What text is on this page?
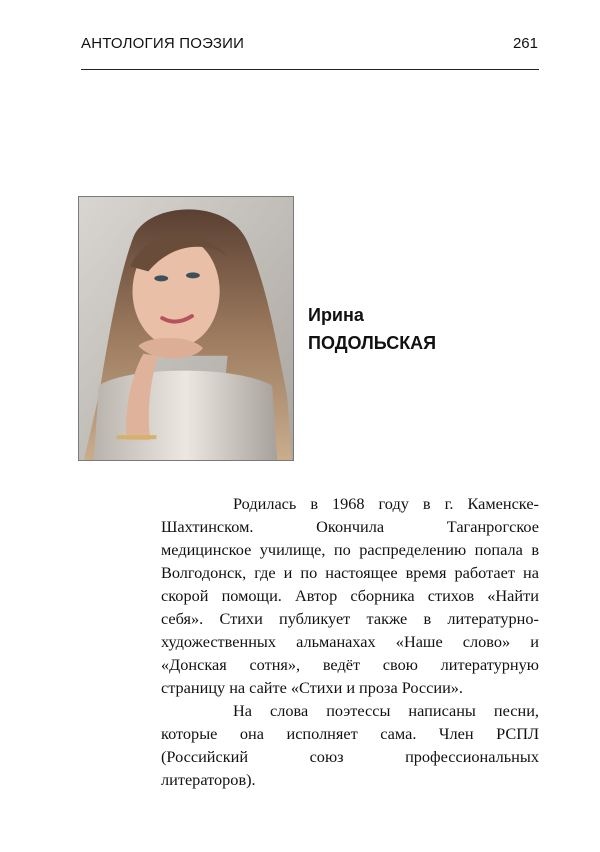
АНТОЛОГИЯ ПОЭЗИИ	261
Ирина
ПОДОЛЬСКАЯ
Родилась в 1968 году в г. Каменске-
Шахтинском.	Окончила	Таганрогское
медицинское училище, по распределению попала в
Волгодонск, где и по настоящее время работает на
скорой помощи. Автор сборника стихов «Найти
себя». Стихи публикует также в литературно-
художественных альманахах «Наше слово» и
«Донская сотня», ведёт свою литературную
страницу на сайте «Стихи и проза России».
На слова поэтессы написаны песни,
которые она исполняет сама. Член РСПЛ
(Российский	союз	профессиональных
литераторов).
